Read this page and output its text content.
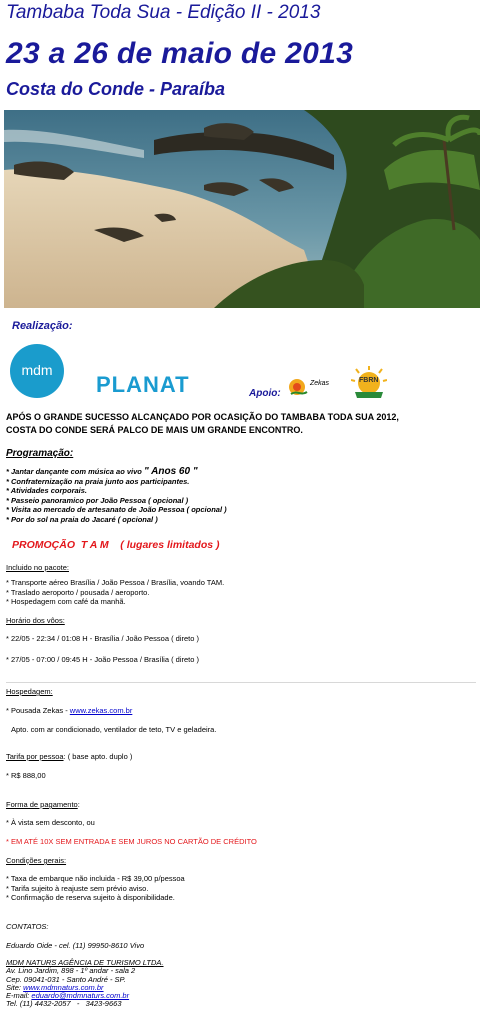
Tambaba Toda Sua - Edição II - 2013
23 a 26 de maio de 2013
Costa do Conde - Paraíba
Realização:
mdm
PLANAT	Apoio:
Zekas	FBRN
APÓS O GRANDE SUCESSO ALCANÇADO POR OCASIÇÃO DO TAMBABA TODA SUA 2012,
COSTA DO CONDE SERÁ PALCO DE MAIS UM GRANDE ENCONTRO.
Programação:
* Jantar dançante com música ao vivo " Anos 60 "
* Confraternização na praia junto aos participantes.
* Atividades corporais.
* Passeio panoramico por João Pessoa ( opcional )
* Visita ao mercado de artesanato de João Pessoa ( opcional )
* Por do sol na praia do Jacaré ( opcional )
PROMOÇÃO  T A M    ( lugares limitados )
Incluido no pacote:
* Transporte aéreo Brasília / João Pessoa / Brasília, voando TAM.
* Traslado aeroporto / pousada / aeroporto.
* Hospedagem com café da manhã.
Horário dos vôos:
* 22/05 - 22:34 / 01:08 H - Brasília / João Pessoa ( direto )
* 27/05 - 07:00 / 09:45 H - João Pessoa / Brasília ( direto )
Hospedagem:
* Pousada Zekas - www.zekas.com.br
Apto. com ar condicionado, ventilador de teto, TV e geladeira.
Tarifa por pessoa: ( base apto. duplo )
* R$ 888,00
Forma de pagamento:
* À vista sem desconto, ou
* EM ATÉ 10X SEM ENTRADA E SEM JUROS NO CARTÃO DE CRÉDITO
Condições gerais:
* Taxa de embarque não incluida - R$ 39,00 p/pessoa
* Tarifa sujeito à reajuste sem prévio aviso.
* Confirmação de reserva sujeito à disponibilidade.
CONTATOS:
Eduardo Oide - cel. (11) 99950-8610 Vivo
MDM NATURS AGÊNCIA DE TURISMO LTDA.
Av. Lino Jardim, 898 - 1º andar - sala 2
Cep. 09041-031 - Santo André - SP.
Site: www.mdmnaturs.com.br
E-mail: eduardo@mdmnaturs.com.br
Tel. (11) 4432-2057   -   3423-9663
